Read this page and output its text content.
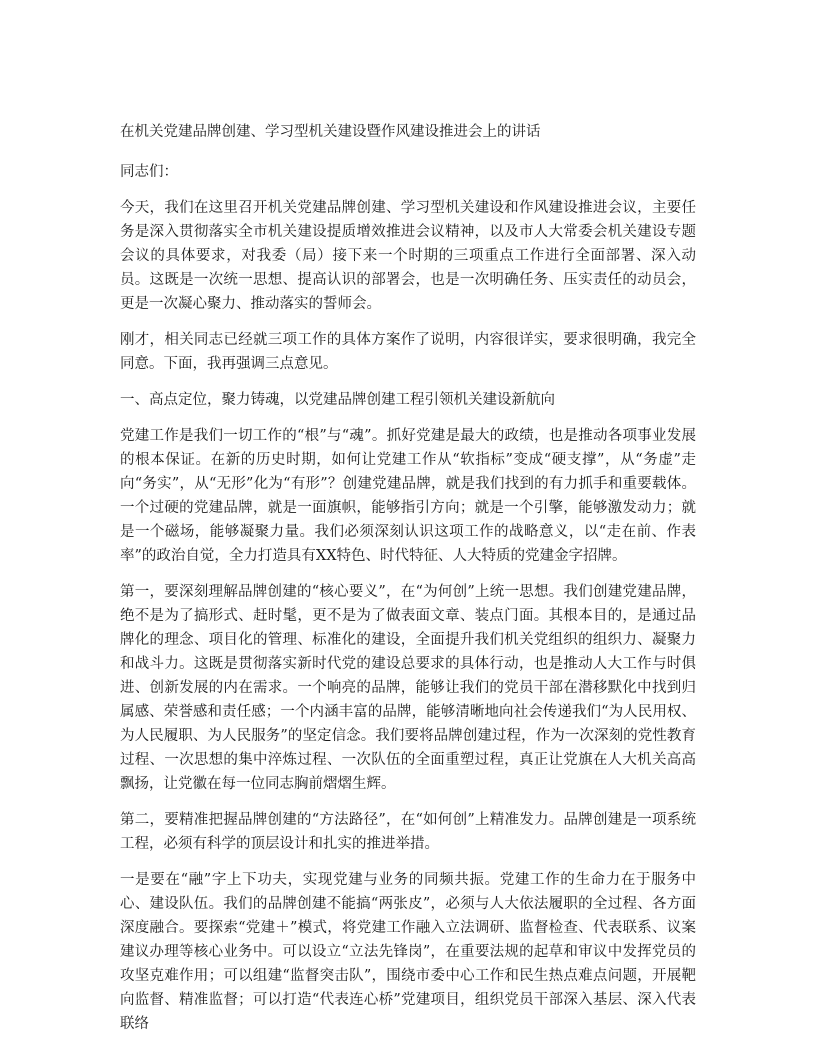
在机关党建品牌创建、学习型机关建设暨作风建设推进会上的讲话

同志们：

今天，我们在这里召开机关党建品牌创建、学习型机关建设和作风建设推进会议，主要任务是深入贯彻落实全市机关建设提质增效推进会议精神，以及市人大常委会机关建设专题会议的具体要求，对我委（局）接下来一个时期的三项重点工作进行全面部署、深入动员。这既是一次统一思想、提高认识的部署会，也是一次明确任务、压实责任的动员会，更是一次凝心聚力、推动落实的誓师会。

刚才，相关同志已经就三项工作的具体方案作了说明，内容很详实，要求很明确，我完全同意。下面，我再强调三点意见。

一、高点定位，聚力铸魂，以党建品牌创建工程引领机关建设新航向

党建工作是我们一切工作的“根”与“魂”。抓好党建是最大的政绩，也是推动各项事业发展的根本保证。在新的历史时期，如何让党建工作从“软指标”变成“硬支撑”，从“务虚”走向“务实”，从“无形”化为“有形”？创建党建品牌，就是我们找到的有力抓手和重要载体。一个过硬的党建品牌，就是一面旗帜，能够指引方向；就是一个引擎，能够激发动力；就是一个磁场，能够凝聚力量。我们必须深刻认识这项工作的战略意义，以“走在前、作表率”的政治自觉，全力打造具有XX特色、时代特征、人大特质的党建金字招牌。

第一，要深刻理解品牌创建的“核心要义”，在“为何创”上统一思想。我们创建党建品牌，绝不是为了搞形式、赶时髦，更不是为了做表面文章、装点门面。其根本目的，是通过品牌化的理念、项目化的管理、标准化的建设，全面提升我们机关党组织的组织力、凝聚力和战斗力。这既是贯彻落实新时代党的建设总要求的具体行动，也是推动人大工作与时俱进、创新发展的内在需求。一个响亮的品牌，能够让我们的党员干部在潜移默化中找到归属感、荣誉感和责任感；一个内涵丰富的品牌，能够清晰地向社会传递我们“为人民用权、为人民履职、为人民服务”的坚定信念。我们要将品牌创建过程，作为一次深刻的党性教育过程、一次思想的集中淬炼过程、一次队伍的全面重塑过程，真正让党旗在人大机关高高飘扬，让党徽在每一位同志胸前熠熠生辉。

第二，要精准把握品牌创建的“方法路径”，在“如何创”上精准发力。品牌创建是一项系统工程，必须有科学的顶层设计和扎实的推进举措。

一是要在“融”字上下功夫，实现党建与业务的同频共振。党建工作的生命力在于服务中心、建设队伍。我们的品牌创建不能搞“两张皮”，必须与人大依法履职的全过程、各方面深度融合。要探索“党建＋”模式，将党建工作融入立法调研、监督检查、代表联系、议案建议办理等核心业务中。可以设立“立法先锋岗”，在重要法规的起草和审议中发挥党员的攻坚克难作用；可以组建“监督突击队”，围绕市委中心工作和民生热点难点问题，开展靶向监督、精准监督；可以打造“代表连心桥”党建项目，组织党员干部深入基层、深入代表联络
